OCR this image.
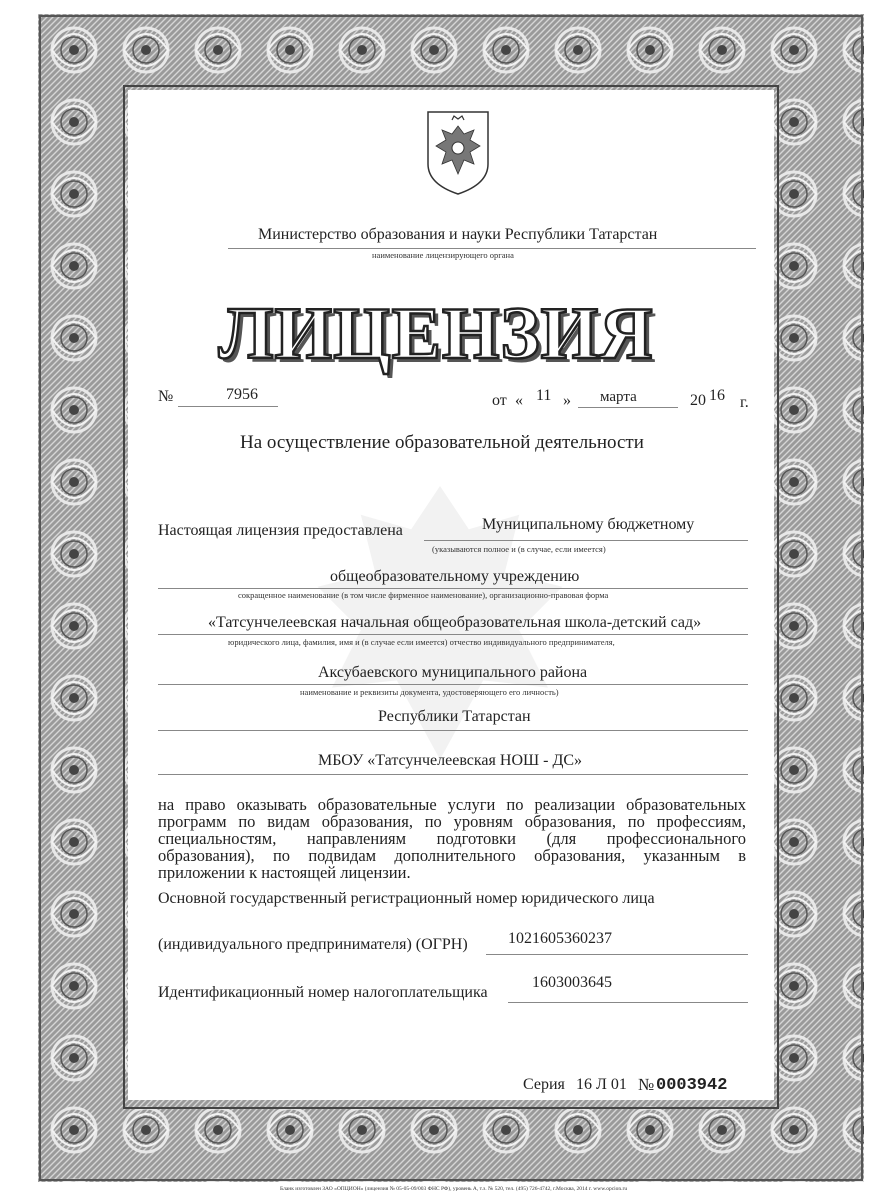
Министерство образования и науки Республики Татарстан
наименование лицензирующего органа
ЛИЦЕНЗИЯ
№	7956	от « 11 » марта	20 16 г.
На осуществление образовательной деятельности
Настоящая лицензия предоставлена	Муниципальному бюджетному
(указываются полное и (в случае, если имеется)
общеобразовательному учреждению
сокращенное наименование (в том числе фирменное наименование), организационно-правовая форма
«Татсунчелеевская начальная общеобразовательная школа-детский сад»
юридического лица, фамилия, имя и (в случае если имеется) отчество индивидуального предпринимателя,
Аксубаевского муниципального района
наименование и реквизиты документа, удостоверяющего его личность)
Республики Татарстан
МБОУ «Татсунчелеевская НОШ - ДС»
на право оказывать образовательные услуги по реализации образовательных
программ по видам образования, по уровням образования, по профессиям,
специальностям, направлениям подготовки (для профессионального
образования), по подвидам дополнительного образования, указанным в
приложении к настоящей лицензии.
Основной государственный регистрационный номер юридического лица
(индивидуального предпринимателя) (ОГРН)	1021605360237
Идентификационный номер налогоплательщика
1603003645
Серия 16 Л 01 № 0003942
Бланк изготовлен ЗАО «ОПЦИОН» (лицензия № 05-05-09/003 ФНС РФ), уровень А, т.з. № 520, тел. (495) 726-4742, г.Москва, 2014 г. www.opcion.ru
